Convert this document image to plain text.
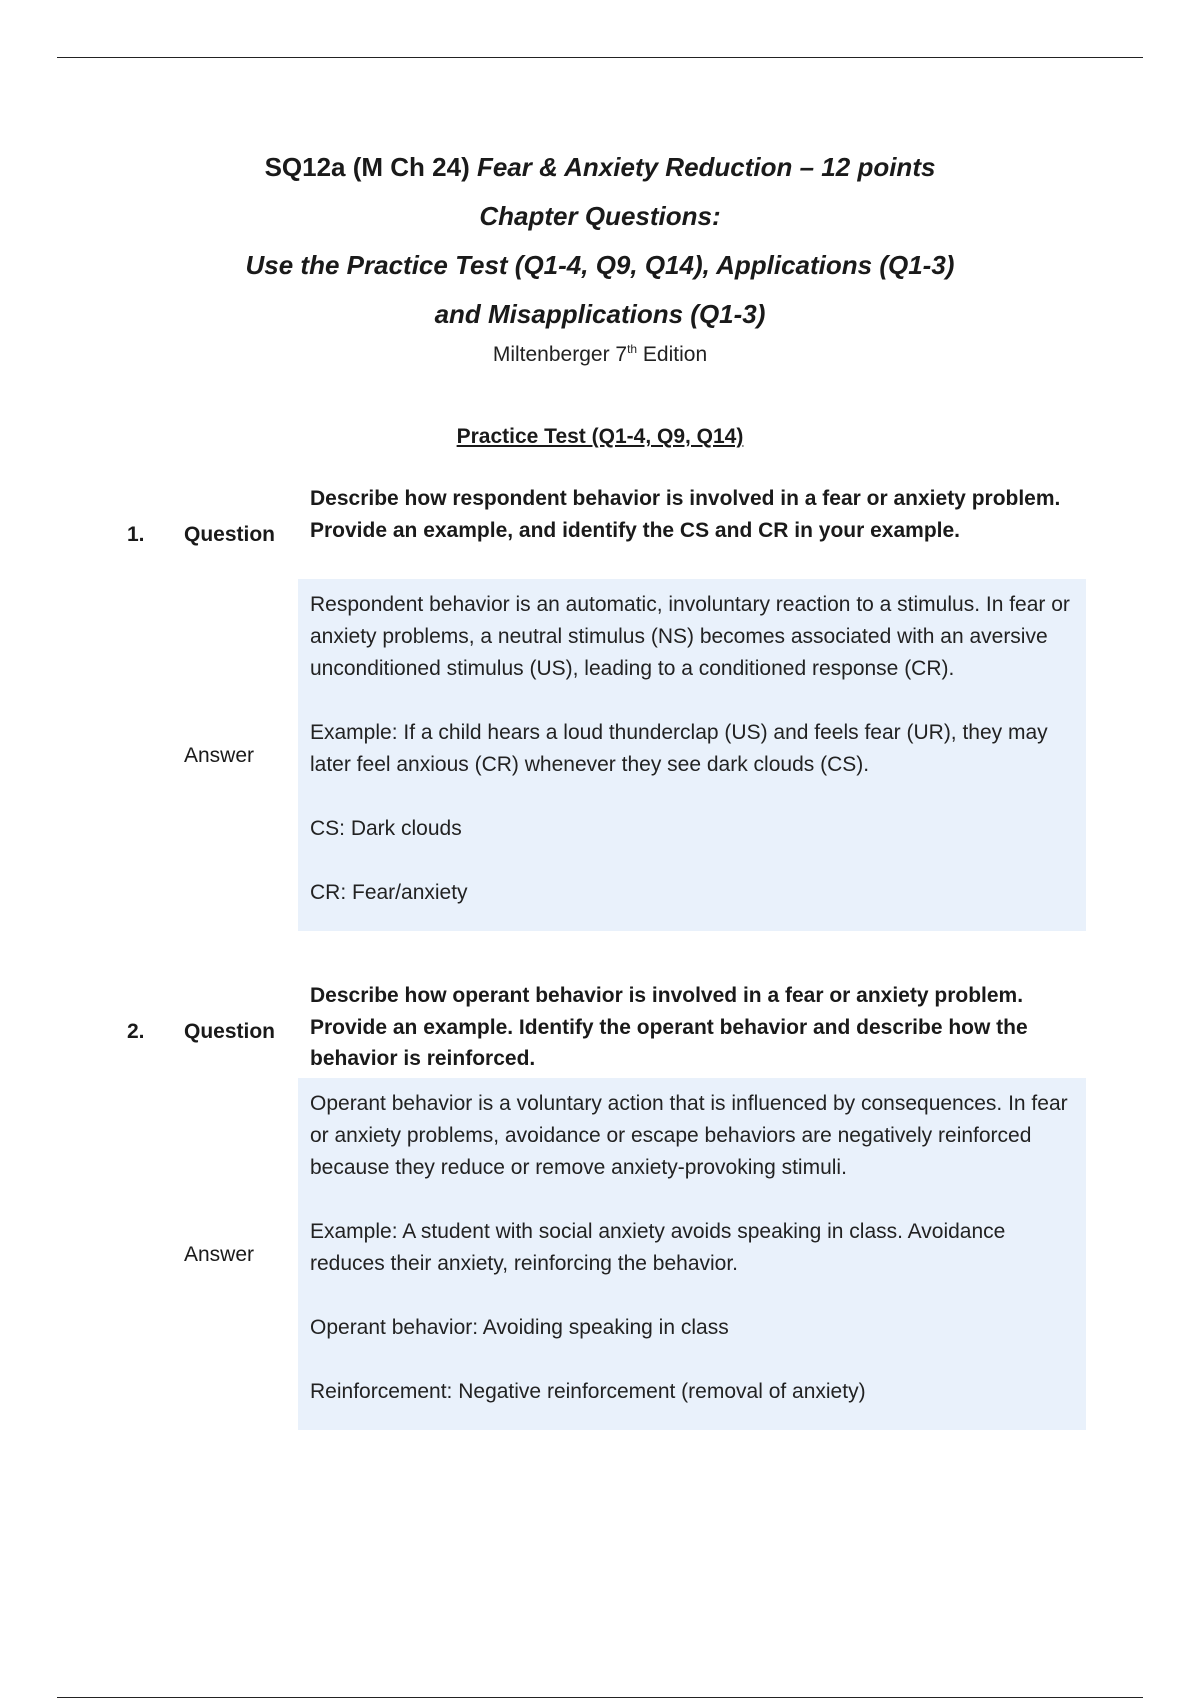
SQ12a (M Ch 24) Fear & Anxiety Reduction – 12 points
Chapter Questions:
Use the Practice Test (Q1-4, Q9, Q14), Applications (Q1-3)
and Misapplications (Q1-3)
Miltenberger 7th Edition
Practice Test (Q1-4, Q9, Q14)
1. Question
Describe how respondent behavior is involved in a fear or anxiety problem. Provide an example, and identify the CS and CR in your example.
Answer

Respondent behavior is an automatic, involuntary reaction to a stimulus. In fear or anxiety problems, a neutral stimulus (NS) becomes associated with an aversive unconditioned stimulus (US), leading to a conditioned response (CR).

Example: If a child hears a loud thunderclap (US) and feels fear (UR), they may later feel anxious (CR) whenever they see dark clouds (CS).

CS: Dark clouds

CR: Fear/anxiety

2. Question
Describe how operant behavior is involved in a fear or anxiety problem. Provide an example. Identify the operant behavior and describe how the behavior is reinforced.
Answer

Operant behavior is a voluntary action that is influenced by consequences. In fear or anxiety problems, avoidance or escape behaviors are negatively reinforced because they reduce or remove anxiety-provoking stimuli.

Example: A student with social anxiety avoids speaking in class. Avoidance reduces their anxiety, reinforcing the behavior.

Operant behavior: Avoiding speaking in class

Reinforcement: Negative reinforcement (removal of anxiety)
